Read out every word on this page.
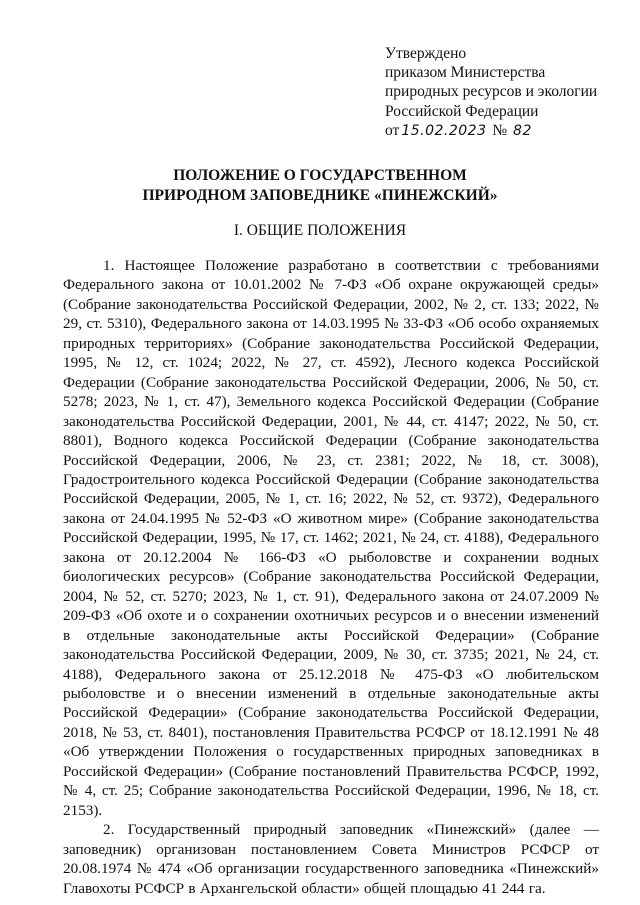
Утверждено
приказом Министерства
природных ресурсов и экологии
Российской Федерации
от 15.02.2023 № 82
ПОЛОЖЕНИЕ О ГОСУДАРСТВЕННОМ
ПРИРОДНОМ ЗАПОВЕДНИКЕ «ПИНЕЖСКИЙ»
I. ОБЩИЕ ПОЛОЖЕНИЯ

1. Настоящее Положение разработано в соответствии с требованиями Федерального закона от 10.01.2002 № 7-ФЗ «Об охране окружающей среды» (Собрание законодательства Российской Федерации, 2002, № 2, ст. 133; 2022, № 29, ст. 5310), Федерального закона от 14.03.1995 № 33-ФЗ «Об особо охраняемых природных территориях» (Собрание законодательства Российской Федерации, 1995, № 12, ст. 1024; 2022, № 27, ст. 4592), Лесного кодекса Российской Федерации (Собрание законодательства Российской Федерации, 2006, № 50, ст. 5278; 2023, № 1, ст. 47), Земельного кодекса Российской Федерации (Собрание законодательства Российской Федерации, 2001, № 44, ст. 4147; 2022, № 50, ст. 8801), Водного кодекса Российской Федерации (Собрание законодательства Российской Федерации, 2006, № 23, ст. 2381; 2022, № 18, ст. 3008), Градостроительного кодекса Российской Федерации (Собрание законодательства Российской Федерации, 2005, № 1, ст. 16; 2022, № 52, ст. 9372), Федерального закона от 24.04.1995 № 52-ФЗ «О животном мире» (Собрание законодательства Российской Федерации, 1995, № 17, ст. 1462; 2021, № 24, ст. 4188), Федерального закона от 20.12.2004 № 166-ФЗ «О рыболовстве и сохранении водных биологических ресурсов» (Собрание законодательства Российской Федерации, 2004, № 52, ст. 5270; 2023, № 1, ст. 91), Федерального закона от 24.07.2009 № 209-ФЗ «Об охоте и о сохранении охотничьих ресурсов и о внесении изменений в отдельные законодательные акты Российской Федерации» (Собрание законодательства Российской Федерации, 2009, № 30, ст. 3735; 2021, № 24, ст. 4188), Федерального закона от 25.12.2018 № 475-ФЗ «О любительском рыболовстве и о внесении изменений в отдельные законодательные акты Российской Федерации» (Собрание законодательства Российской Федерации, 2018, № 53, ст. 8401), постановления Правительства РСФСР от 18.12.1991 № 48 «Об утверждении Положения о государственных природных заповедниках в Российской Федерации» (Собрание постановлений Правительства РСФСР, 1992, № 4, ст. 25; Собрание законодательства Российской Федерации, 1996, № 18, ст. 2153).

2. Государственный природный заповедник «Пинежский» (далее — заповедник) организован постановлением Совета Министров РСФСР от 20.08.1974 № 474 «Об организации государственного заповедника «Пинежский» Главохоты РСФСР в Архангельской области» общей площадью 41 244 га.
